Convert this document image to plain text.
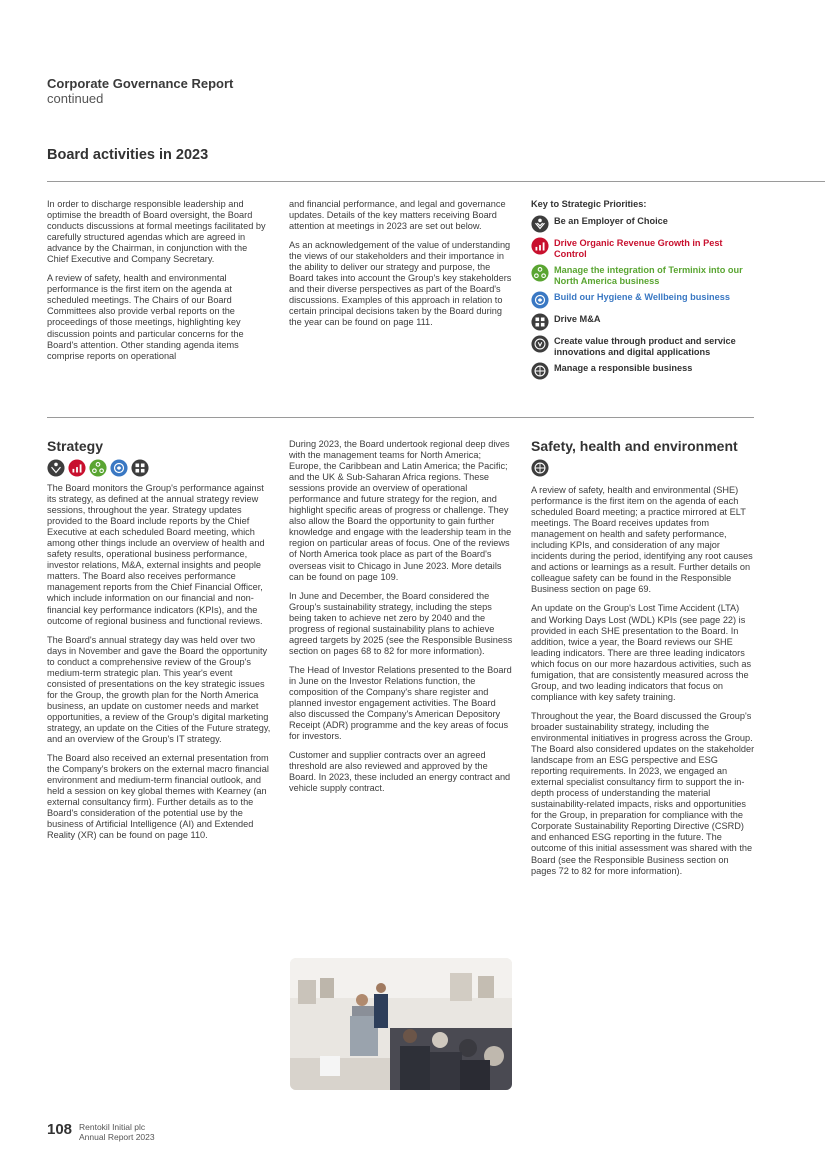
Corporate Governance Report
continued
Board activities in 2023

In order to discharge responsible leadership and optimise the breadth of Board oversight, the Board conducts discussions at formal meetings facilitated by carefully structured agendas which are agreed in advance by the Chairman, in conjunction with the Chief Executive and Company Secretary.

A review of safety, health and environmental performance is the first item on the agenda at scheduled meetings. The Chairs of our Board Committees also provide verbal reports on the proceedings of those meetings, highlighting key discussion points and particular concerns for the Board's attention. Other standing agenda items comprise reports on operational

and financial performance, and legal and governance updates. Details of the key matters receiving Board attention at meetings in 2023 are set out below.

As an acknowledgement of the value of understanding the views of our stakeholders and their importance in the ability to deliver our strategy and purpose, the Board takes into account the Group's key stakeholders and their diverse perspectives as part of the Board's discussions. Examples of this approach in relation to certain principal decisions taken by the Board during the year can be found on page 111.

Key to Strategic Priorities:
Be an Employer of Choice
Drive Organic Revenue Growth in Pest Control
Manage the integration of Terminix into our North America business
Build our Hygiene & Wellbeing business
Drive M&A
Create value through product and service innovations and digital applications
Manage a responsible business
Strategy

The Board monitors the Group's performance against its strategy, as defined at the annual strategy review sessions, throughout the year. Strategy updates provided to the Board include reports by the Chief Executive at each scheduled Board meeting, which among other things include an overview of health and safety results, operational business performance, investor relations, M&A, external insights and people matters. The Board also receives performance management reports from the Chief Financial Officer, which include information on our financial and non-financial key performance indicators (KPIs), and the outcome of regional business and functional reviews.

The Board's annual strategy day was held over two days in November and gave the Board the opportunity to conduct a comprehensive review of the Group's medium-term strategic plan. This year's event consisted of presentations on the key strategic issues for the Group, the growth plan for the North America business, an update on customer needs and market opportunities, a review of the Group's digital marketing strategy, an update on the Cities of the Future strategy, and an overview of the Group's IT strategy.

The Board also received an external presentation from the Company's brokers on the external macro financial environment and medium-term financial outlook, and held a session on key global themes with Kearney (an external consultancy firm). Further details as to the Board's consideration of the potential use by the business of Artificial Intelligence (AI) and Extended Reality (XR) can be found on page 110.

During 2023, the Board undertook regional deep dives with the management teams for North America; Europe, the Caribbean and Latin America; the Pacific; and the UK & Sub-Saharan Africa regions. These sessions provide an overview of operational performance and future strategy for the region, and highlight specific areas of progress or challenge. They also allow the Board the opportunity to gain further knowledge and engage with the leadership team in the region on particular areas of focus. One of the reviews of North America took place as part of the Board's overseas visit to Chicago in June 2023. More details can be found on page 109.

In June and December, the Board considered the Group's sustainability strategy, including the steps being taken to achieve net zero by 2040 and the progress of regional sustainability plans to achieve agreed targets by 2025 (see the Responsible Business section on pages 68 to 82 for more information).

The Head of Investor Relations presented to the Board in June on the Investor Relations function, the composition of the Company's share register and planned investor engagement activities. The Board also discussed the Company's American Depository Receipt (ADR) programme and the key areas of focus for investors.

Customer and supplier contracts over an agreed threshold are also reviewed and approved by the Board. In 2023, these included an energy contract and vehicle supply contract.

Safety, health and environment

A review of safety, health and environmental (SHE) performance is the first item on the agenda of each scheduled Board meeting; a practice mirrored at ELT meetings. The Board receives updates from management on health and safety performance, including KPIs, and consideration of any major incidents during the period, identifying any root causes and actions or learnings as a result. Further details on colleague safety can be found in the Responsible Business section on page 69.

An update on the Group's Lost Time Accident (LTA) and Working Days Lost (WDL) KPIs (see page 22) is provided in each SHE presentation to the Board. In addition, twice a year, the Board reviews our SHE leading indicators. There are three leading indicators which focus on our more hazardous activities, such as fumigation, that are consistently measured across the Group, and two leading indicators that focus on compliance with key safety training.

Throughout the year, the Board discussed the Group's broader sustainability strategy, including the environmental initiatives in progress across the Group. The Board also considered updates on the stakeholder landscape from an ESG perspective and ESG reporting requirements. In 2023, we engaged an external specialist consultancy firm to support the in-depth process of understanding the material sustainability-related impacts, risks and opportunities for the Group, in preparation for compliance with the Corporate Sustainability Reporting Directive (CSRD) and enhanced ESG reporting in the future. The outcome of this initial assessment was shared with the Board (see the Responsible Business section on pages 72 to 82 for more information).

108 Rentokil Initial plc
Annual Report 2023
